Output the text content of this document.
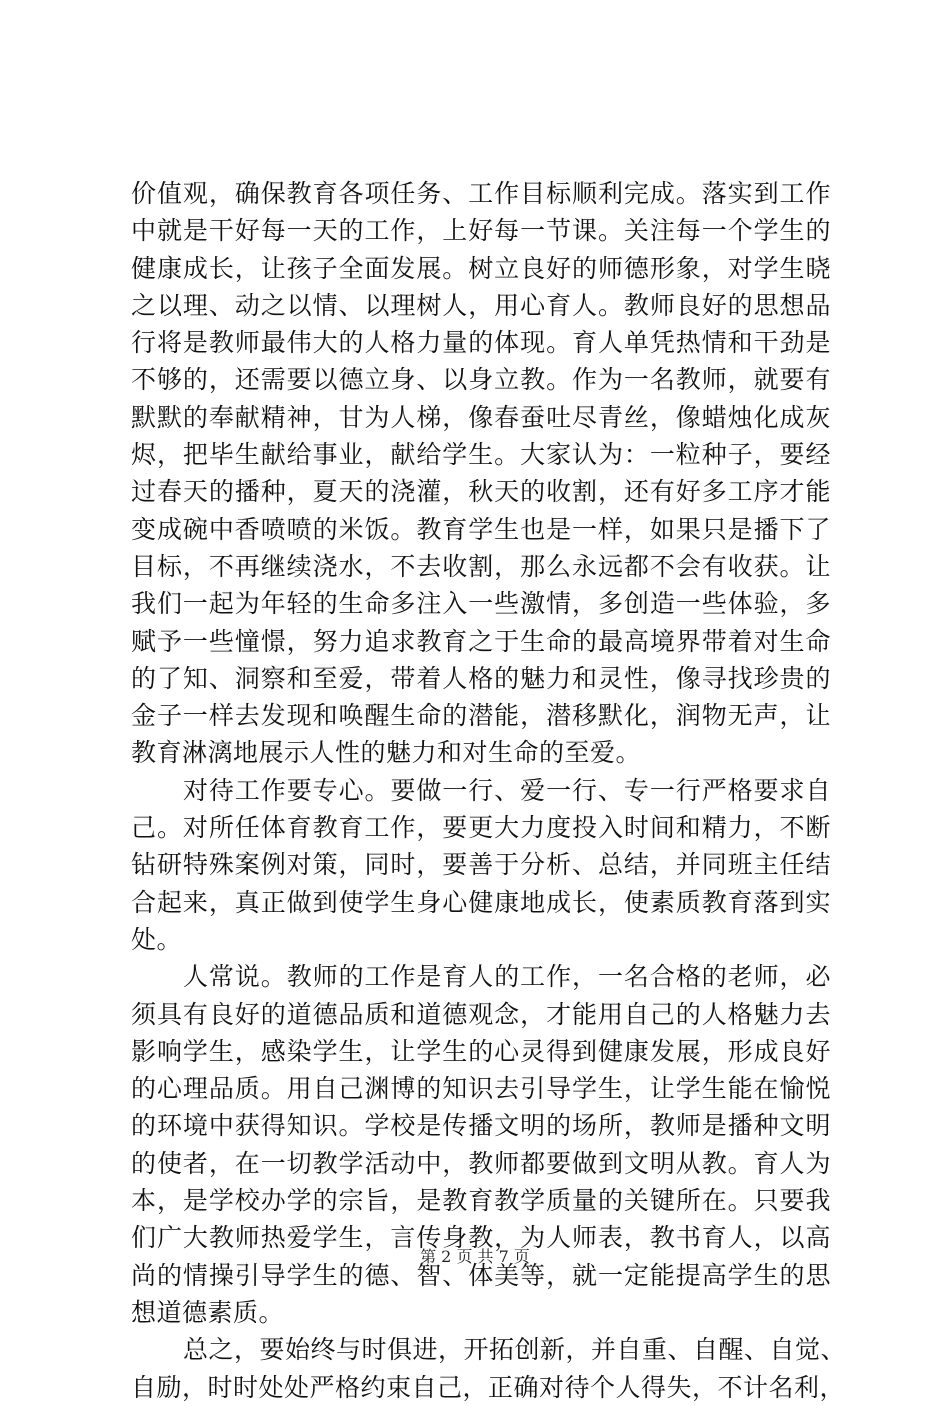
价值观，确保教育各项任务、工作目标顺利完成。落实到工作
中就是干好每一天的工作，上好每一节课。关注每一个学生的
健康成长，让孩子全面发展。树立良好的师德形象，对学生晓
之以理、动之以情、以理树人，用心育人。教师良好的思想品
行将是教师最伟大的人格力量的体现。育人单凭热情和干劲是
不够的，还需要以德立身、以身立教。作为一名教师，就要有
默默的奉献精神，甘为人梯，像春蚕吐尽青丝，像蜡烛化成灰
烬，把毕生献给事业，献给学生。大家认为：一粒种子，要经
过春天的播种，夏天的浇灌，秋天的收割，还有好多工序才能
变成碗中香喷喷的米饭。教育学生也是一样，如果只是播下了
目标，不再继续浇水，不去收割，那么永远都不会有收获。让
我们一起为年轻的生命多注入一些激情，多创造一些体验，多
赋予一些憧憬，努力追求教育之于生命的最高境界带着对生命
的了知、洞察和至爱，带着人格的魅力和灵性，像寻找珍贵的
金子一样去发现和唤醒生命的潜能，潜移默化，润物无声，让
教育淋漓地展示人性的魅力和对生命的至爱。
对待工作要专心。要做一行、爱一行、专一行严格要求自
己。对所任体育教育工作，要更大力度投入时间和精力，不断
钻研特殊案例对策，同时，要善于分析、总结，并同班主任结
合起来，真正做到使学生身心健康地成长，使素质教育落到实
处。
人常说。教师的工作是育人的工作，一名合格的老师，必
须具有良好的道德品质和道德观念，才能用自己的人格魅力去
影响学生，感染学生，让学生的心灵得到健康发展，形成良好
的心理品质。用自己渊博的知识去引导学生，让学生能在愉悦
的环境中获得知识。学校是传播文明的场所，教师是播种文明
的使者，在一切教学活动中，教师都要做到文明从教。育人为
本，是学校办学的宗旨，是教育教学质量的关键所在。只要我
们广大教师热爱学生，言传身教，为人师表，教书育人，以高
尚的情操引导学生的德、智、体美等，就一定能提高学生的思
想道德素质。
总之，要始终与时俱进，开拓创新，并自重、自醒、自觉、
自励，时时处处严格约束自己，正确对待个人得失，不计名利，
第 2 页 共 7 页
